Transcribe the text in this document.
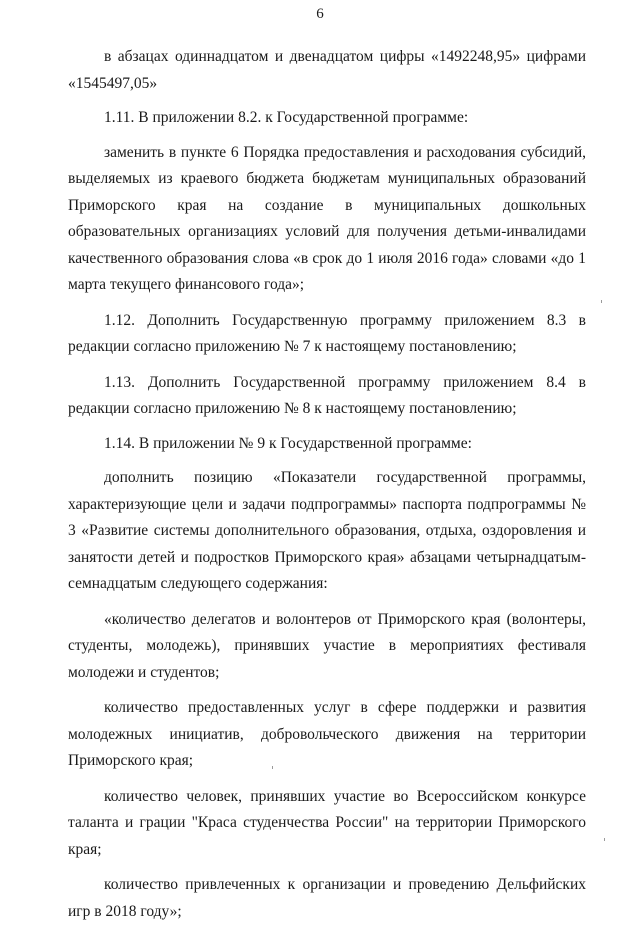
6

в абзацах одиннадцатом и двенадцатом цифры «1492248,95» цифрами «1545497,05»

1.11. В приложении 8.2. к Государственной программе:

заменить в пункте 6 Порядка предоставления и расходования субсидий, выделяемых из краевого бюджета бюджетам муниципальных образований Приморского края на создание в муниципальных дошкольных образовательных организациях условий для получения детьми-инвалидами качественного образования слова «в срок до 1 июля 2016 года» словами «до 1 марта текущего финансового года»;

1.12. Дополнить Государственную программу приложением 8.3 в редакции согласно приложению № 7 к настоящему постановлению;

1.13. Дополнить Государственной программу приложением 8.4 в редакции согласно приложению № 8 к настоящему постановлению;

1.14. В приложении № 9 к Государственной программе:

дополнить позицию «Показатели государственной программы, характеризующие цели и задачи подпрограммы» паспорта подпрограммы № 3 «Развитие системы дополнительного образования, отдыха, оздоровления и занятости детей и подростков Приморского края» абзацами четырнадцатым-семнадцатым следующего содержания:

«количество делегатов и волонтеров от Приморского края (волонтеры, студенты, молодежь), принявших участие в мероприятиях фестиваля молодежи и студентов;

количество предоставленных услуг в сфере поддержки и развития молодежных инициатив, добровольческого движения на территории Приморского края;

количество человек, принявших участие во Всероссийском конкурсе таланта и грации "Краса студенчества России" на территории Приморского края;

количество привлеченных к организации и проведению Дельфийских игр в 2018 году»;
